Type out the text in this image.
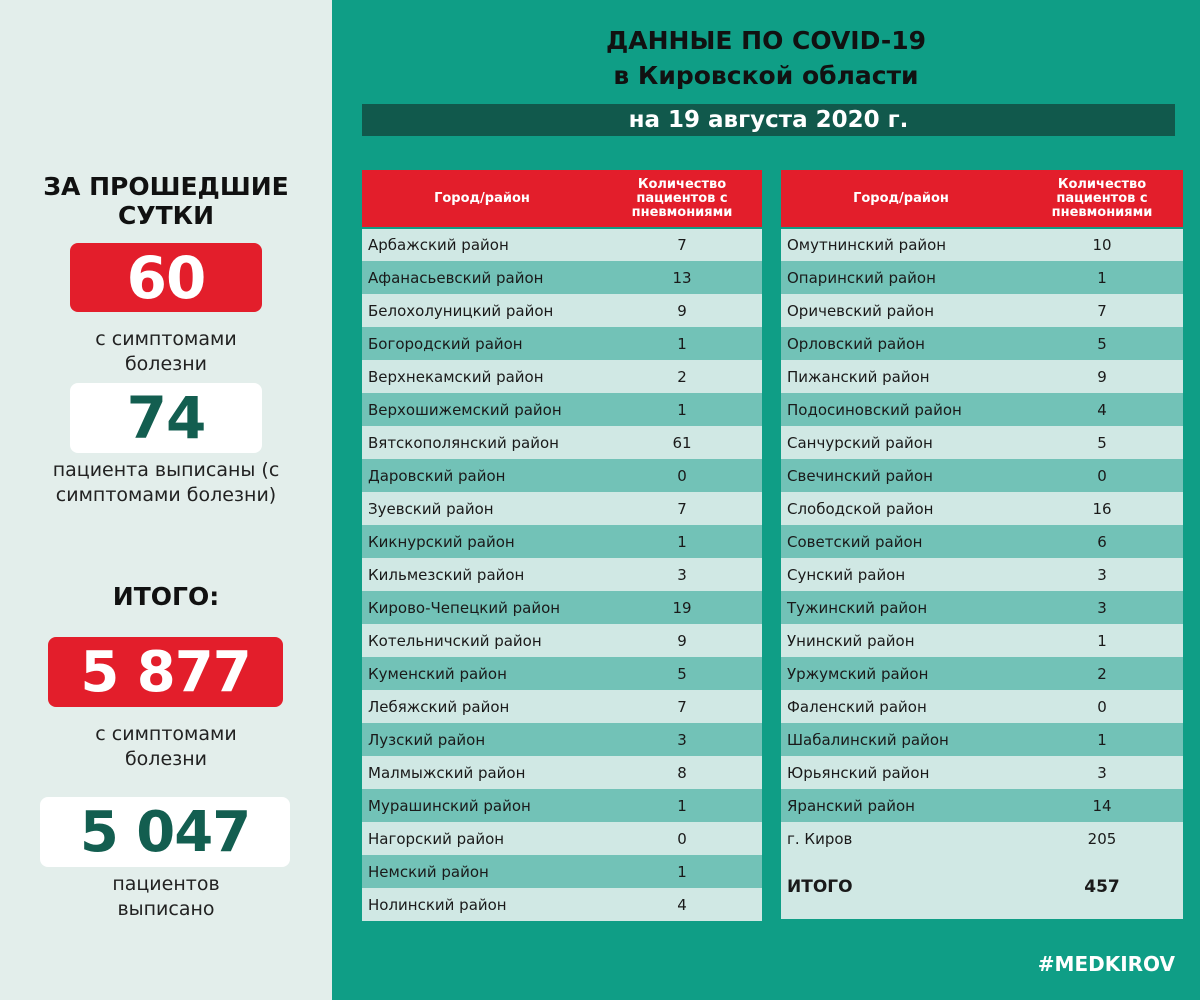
ЗА ПРОШЕДШИЕ СУТКИ
60
с симптомами болезни
74
пациента выписаны (с симптомами болезни)
ИТОГО:
5 877
с симптомами болезни
5 047
пациентов выписано
ДАННЫЕ ПО COVID-19
в Кировской области
на 19 августа 2020 г.
Город/район	Количество пациентов с пневмониями
Арбажский район	7
Афанасьевский район	13
Белохолуницкий район	9
Богородский район	1
Верхнекамский район	2
Верхошижемский район	1
Вятскополянский район	61
Даровский район	0
Зуевский район	7
Кикнурский район	1
Кильмезский район	3
Кирово-Чепецкий район	19
Котельничский район	9
Куменский район	5
Лебяжский район	7
Лузский район	3
Малмыжский район	8
Мурашинский район	1
Нагорский район	0
Немский район	1
Нолинский район	4
Город/район	Количество пациентов с пневмониями
Омутнинский район	10
Опаринский район	1
Оричевский район	7
Орловский район	5
Пижанский район	9
Подосиновский район	4
Санчурский район	5
Свечинский район	0
Слободской район	16
Советский район	6
Сунский район	3
Тужинский район	3
Унинский район	1
Уржумский район	2
Фаленский район	0
Шабалинский район	1
Юрьянский район	3
Яранский район	14
г. Киров	205
ИТОГО	457
#MEDKIROV
